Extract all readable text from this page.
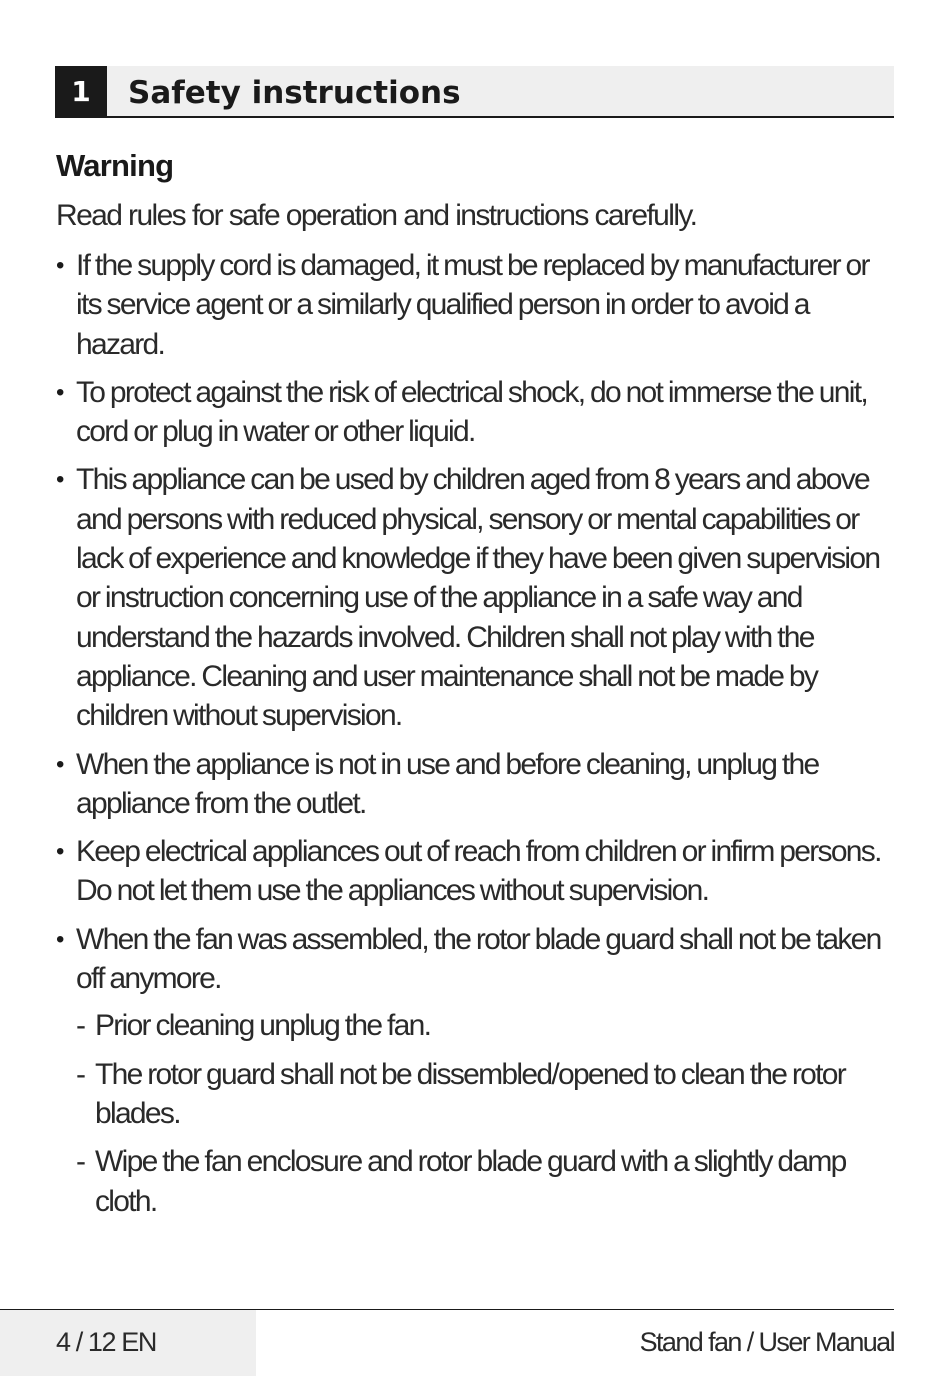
1	Safety instructions
Warning

Read rules for safe operation and instructions carefully.

• If the supply cord is damaged, it must be replaced by manufacturer or its service agent or a similarly qualified person in order to avoid a hazard.
• To protect against the risk of electrical shock, do not immerse the unit, cord or plug in water or other liquid.
• This appliance can be used by children aged from 8 years and above and persons with reduced physical, sensory or mental capabilities or lack of experience and knowledge if they have been given supervision or instruction concerning use of the appliance in a safe way and understand the hazards involved. Children shall not play with the appliance. Cleaning and user maintenance shall not be made by children without supervision.
• When the appliance is not in use and before cleaning, unplug the appliance from the outlet.
• Keep electrical appliances out of reach from children or infirm persons. Do not let them use the appliances without supervision.
• When the fan was assembled, the rotor blade guard shall not be taken off anymore.
- Prior cleaning unplug the fan.
- The rotor guard shall not be dissembled/opened to clean the rotor blades.
- Wipe the fan enclosure and rotor blade guard with a slightly damp cloth.
4 / 12 EN	Stand fan / User Manual
